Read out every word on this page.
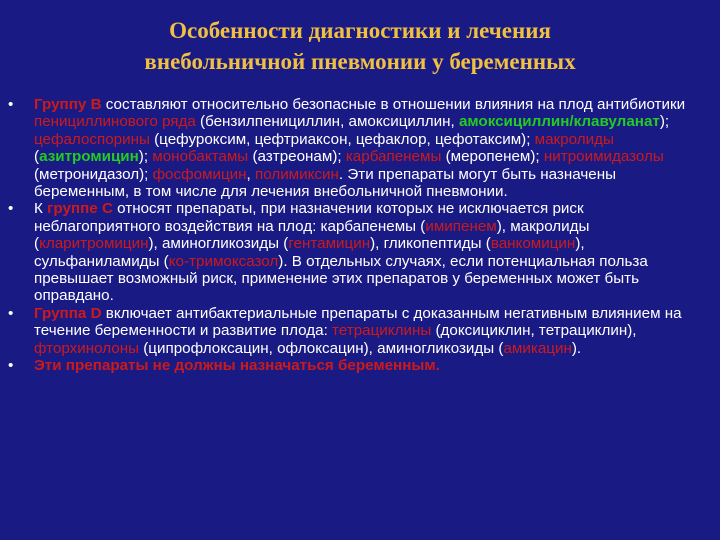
Особенности диагностики и лечения
внебольничной пневмонии у беременных
• Группу В составляют относительно безопасные в отношении влияния на плод антибиотики пенициллинового ряда (бензилпенициллин, амоксициллин, амоксициллин/клавуланат); цефалоспорины (цефуроксим, цефтриаксон, цефаклор, цефотаксим); макролиды (азитромицин); монобактамы (азтреонам); карбапенемы (меропенем); нитроимидазолы (метронидазол); фосфомицин, полимиксин. Эти препараты могут быть назначены беременным, в том числе для лечения внебольничной пневмонии.
• К группе С относят препараты, при назначении которых не исключается риск неблагоприятного воздействия на плод: карбапенемы (имипенем), макролиды (кларитромицин), аминогликозиды (гентамицин), гликопептиды (ванкомицин), сульфаниламиды (ко-тримоксазол). В отдельных случаях, если потенциальная польза превышает возможный риск, применение этих препаратов у беременных может быть оправдано.
• Группа D включает антибактериальные препараты с доказанным негативным влиянием на течение беременности и развитие плода: тетрациклины (доксициклин, тетрациклин), фторхинолоны (ципрофлоксацин, офлоксацин), аминогликозиды (амикацин).
• Эти препараты не должны назначаться беременным.
